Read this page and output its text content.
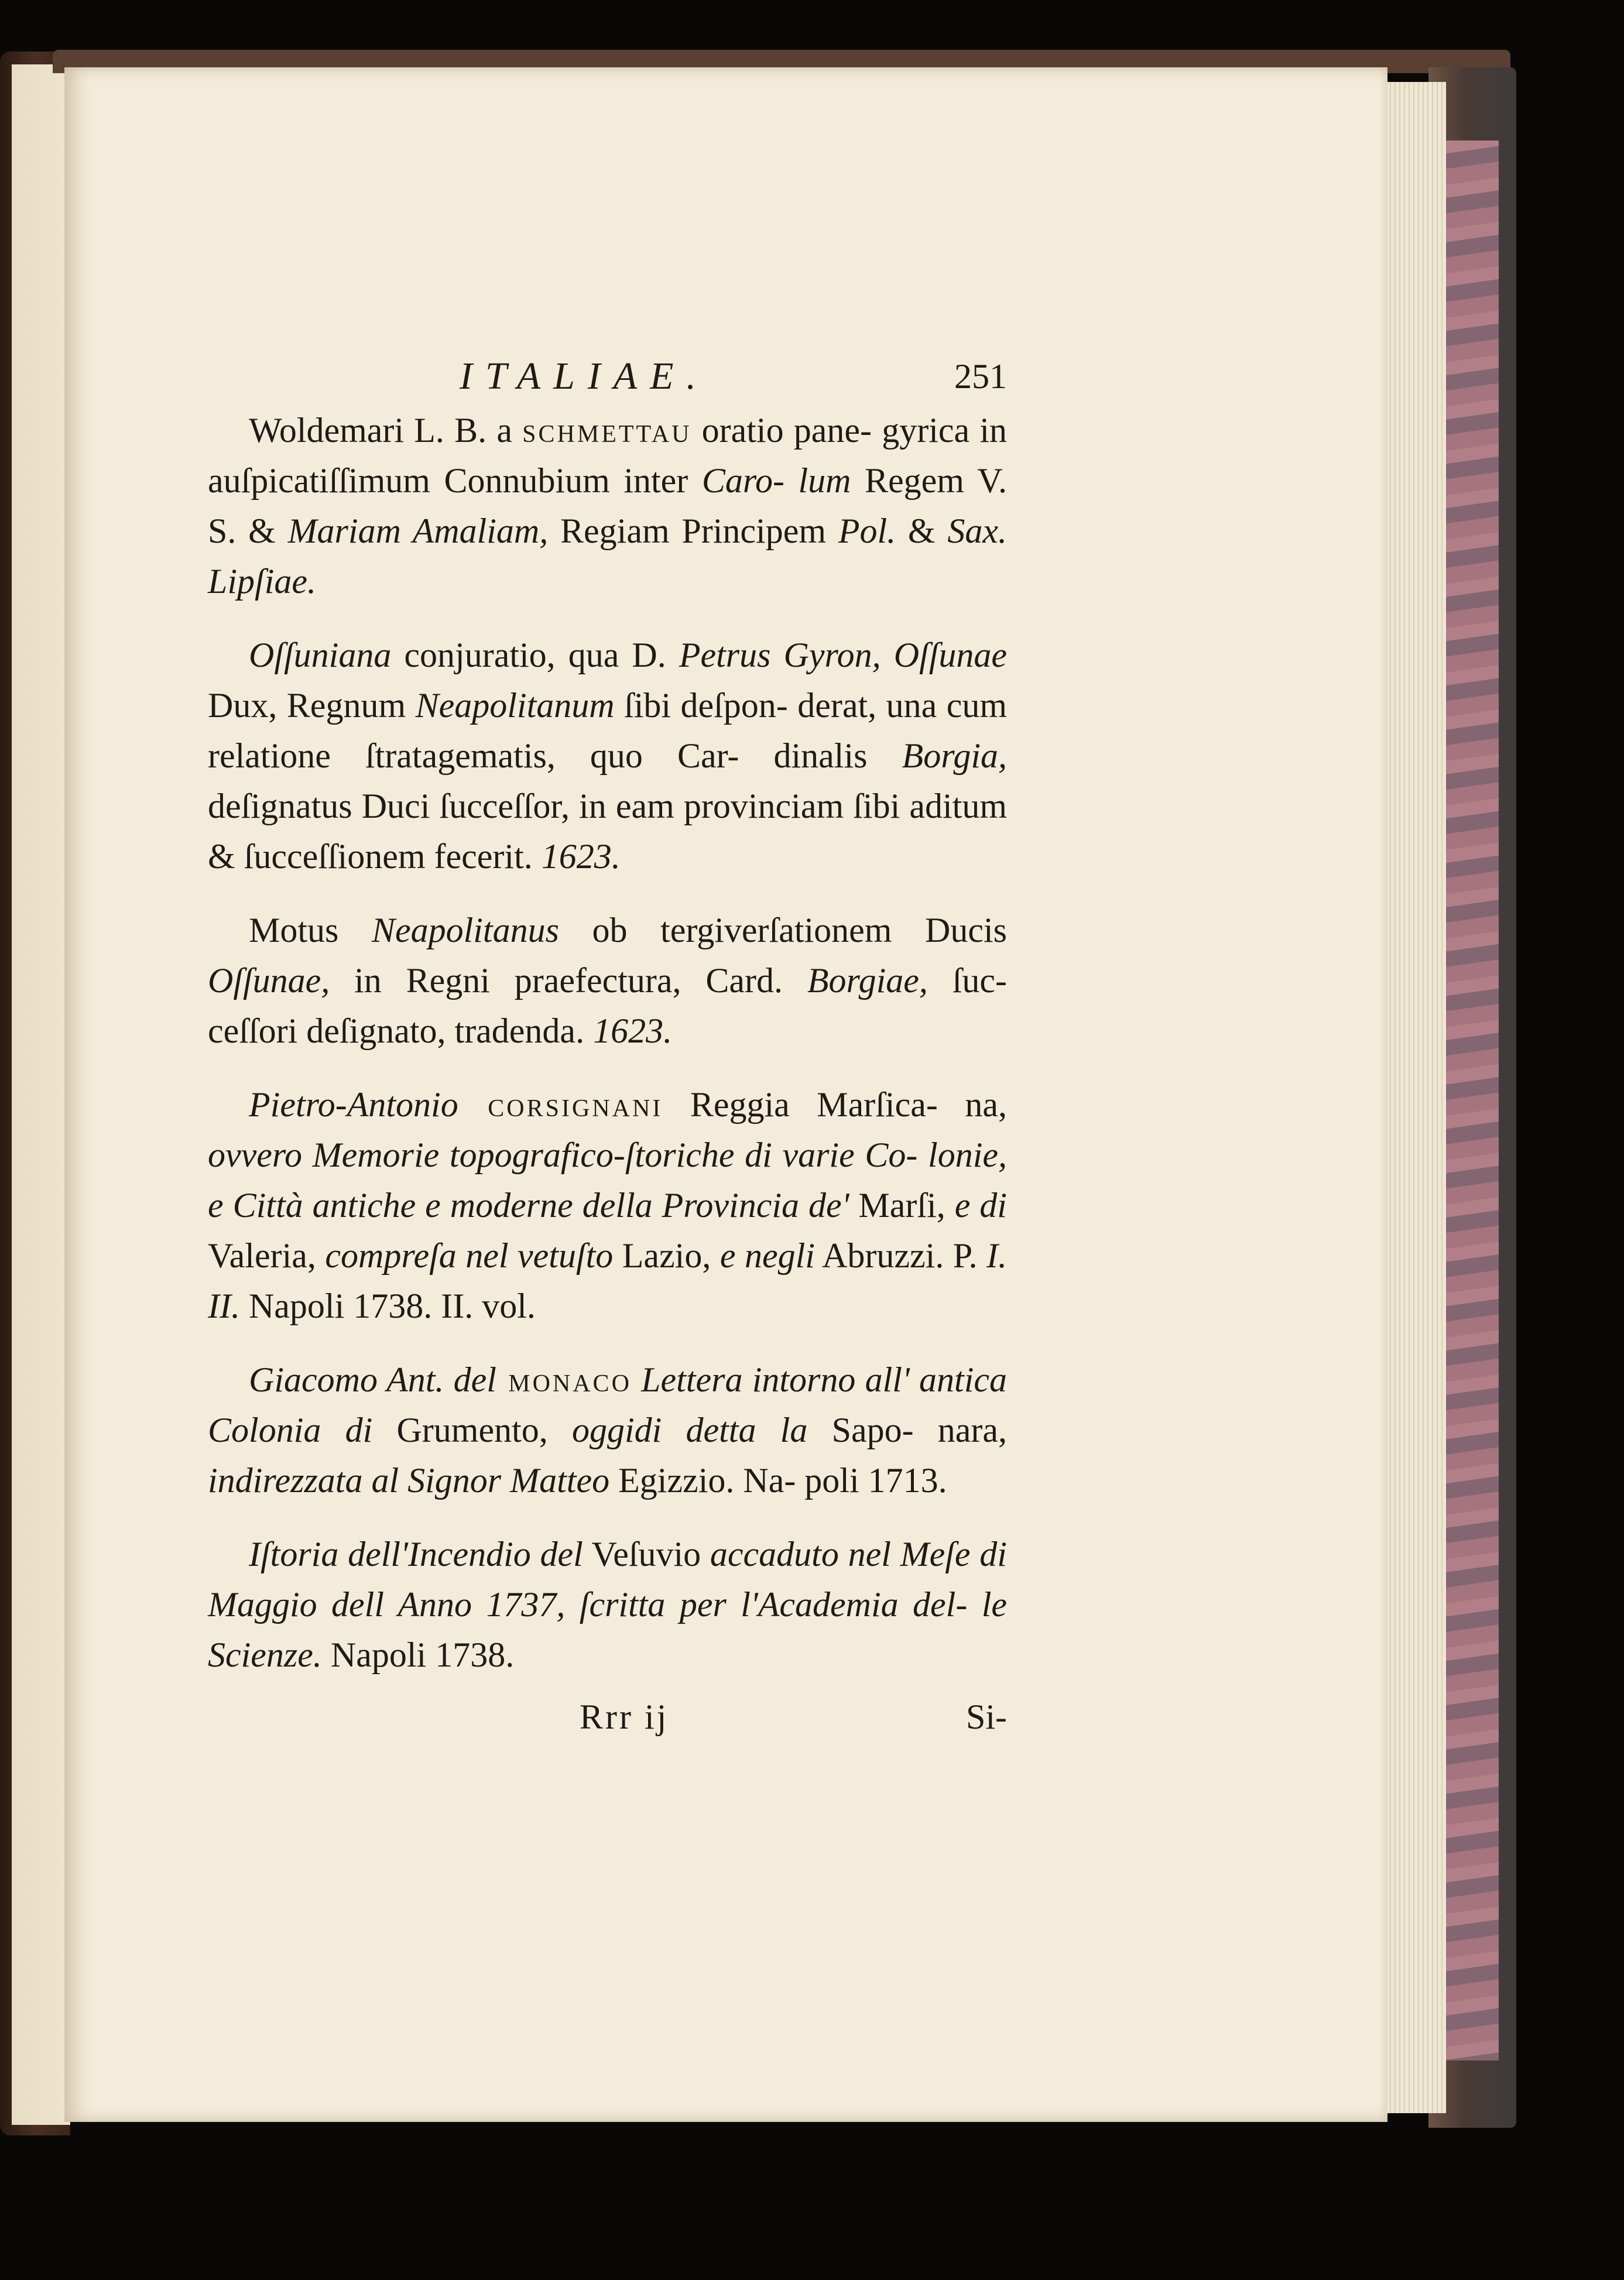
ITALIAE.	251

Woldemari L. B. a schmettau oratio pane- gyrica in auſpicatiſſimum Connubium inter Caro- lum Regem V. S. & Mariam Amaliam, Regiam Principem Pol. & Sax. Lipſiae.

Oſſuniana conjuratio, qua D. Petrus Gyron, Oſſunae Dux, Regnum Neapolitanum ſibi deſpon- derat, una cum relatione ſtratagematis, quo Car- dinalis Borgia, deſignatus Duci ſucceſſor, in eam provinciam ſibi aditum & ſucceſſionem fecerit. 1623.

Motus Neapolitanus ob tergiverſationem Ducis Oſſunae, in Regni praefectura, Card. Borgiae, ſuc- ceſſori deſignato, tradenda. 1623.

Pietro-Antonio corsignani Reggia Marſica- na, ovvero Memorie topografico-ſtoriche di varie Co- lonie, e Città antiche e moderne della Provincia de' Marſi, e di Valeria, compreſa nel vetuſto Lazio, e negli Abruzzi. P. I. II. Napoli 1738. II. vol.

Giacomo Ant. del monaco Lettera intorno all' antica Colonia di Grumento, oggidi detta la Sapo- nara, indirezzata al Signor Matteo Egizzio. Na- poli 1713.

Iſtoria dell'Incendio del Veſuvio accaduto nel Meſe di Maggio dell Anno 1737, ſcritta per l'Academia del- le Scienze. Napoli 1738.

Rrr ij	Si-
